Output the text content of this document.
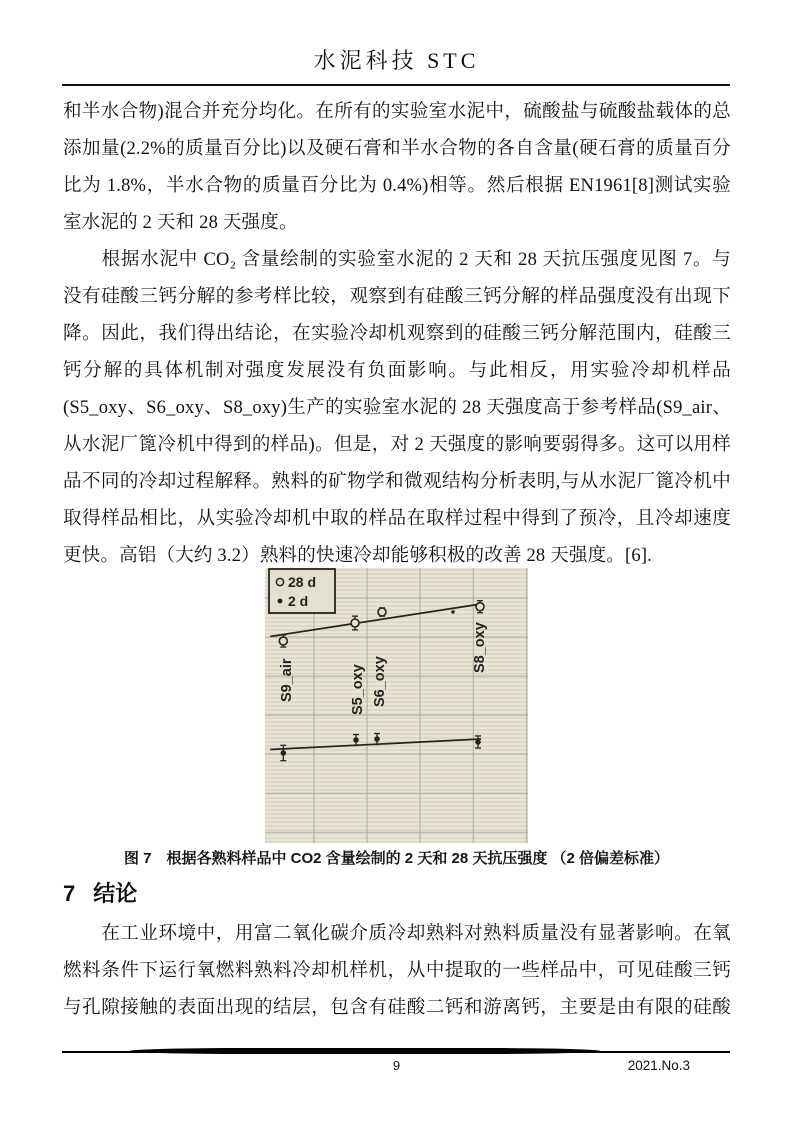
水泥科技 STC
和半水合物)混合并充分均化。在所有的实验室水泥中，硫酸盐与硫酸盐载体的总
添加量(2.2%的质量百分比)以及硬石膏和半水合物的各自含量(硬石膏的质量百分
比为 1.8%，半水合物的质量百分比为 0.4%)相等。然后根据 EN1961[8]测试实验
室水泥的 2 天和 28 天强度。
　　根据水泥中 CO₂ 含量绘制的实验室水泥的 2 天和 28 天抗压强度见图 7。与
没有硅酸三钙分解的参考样比较，观察到有硅酸三钙分解的样品强度没有出现下
降。因此，我们得出结论，在实验冷却机观察到的硅酸三钙分解范围内，硅酸三
钙分解的具体机制对强度发展没有负面影响。与此相反，用实验冷却机样品
(S5_oxy、S6_oxy、S8_oxy)生产的实验室水泥的 28 天强度高于参考样品(S9_air、
从水泥厂篦冷机中得到的样品)。但是，对 2 天强度的影响要弱得多。这可以用样
品不同的冷却过程解释。熟料的矿物学和微观结构分析表明,与从水泥厂篦冷机中
取得样品相比，从实验冷却机中取的样品在取样过程中得到了预冷，且冷却速度
更快。高铝（大约 3.2）熟料的快速冷却能够积极的改善 28 天强度。[6].
S9_air	S5_oxy S6_oxy
S8_oxy
28 d
2 d
图 7　根据各熟料样品中 CO2 含量绘制的 2 天和 28 天抗压强度 （2 倍偏差标准）
7 结论
　　在工业环境中，用富二氧化碳介质冷却熟料对熟料质量没有显著影响。在氧
燃料条件下运行氧燃料熟料冷却机样机，从中提取的一些样品中，可见硅酸三钙
与孔隙接触的表面出现的结层，包含有硅酸二钙和游离钙，主要是由有限的硅酸
9	2021.No.3
